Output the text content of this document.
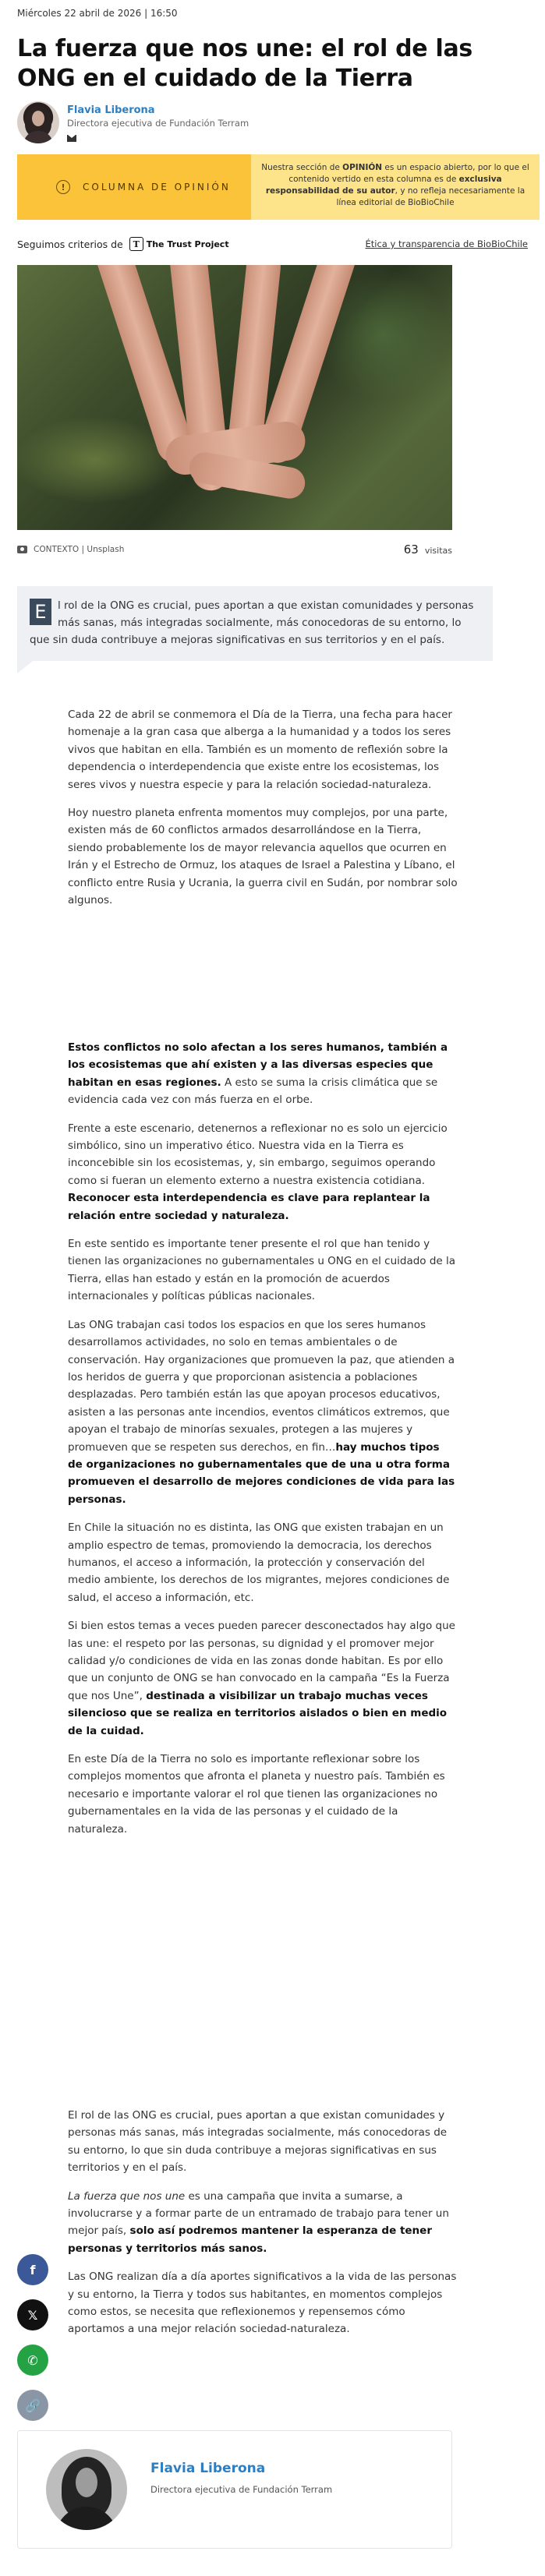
Miércoles 22 abril de 2026 | 16:50
La fuerza que nos une: el rol de las ONG en el cuidado de la Tierra
Flavia Liberona
Directora ejecutiva de Fundación Terram
!	COLUMNA DE OPINIÓN
Nuestra sección de OPINIÓN es un espacio abierto, por lo que el contenido vertido en esta columna es de exclusiva responsabilidad de su autor, y no refleja necesariamente la línea editorial de BioBioChile
Seguimos criterios de	T The Trust Project	Ética y transparencia de BioBioChile
CONTEXTO | Unsplash	63 visitas
E	l rol de la ONG es crucial, pues aportan a que existan comunidades y personas más sanas, más integradas socialmente, más conocedoras de su entorno, lo que sin duda contribuye a mejoras significativas en sus territorios y en el país.

Cada 22 de abril se conmemora el Día de la Tierra, una fecha para hacer homenaje a la gran casa que alberga a la humanidad y a todos los seres vivos que habitan en ella. También es un momento de reflexión sobre la dependencia o interdependencia que existe entre los ecosistemas, los seres vivos y nuestra especie y para la relación sociedad-naturaleza.

Hoy nuestro planeta enfrenta momentos muy complejos, por una parte, existen más de 60 conflictos armados desarrollándose en la Tierra, siendo probablemente los de mayor relevancia aquellos que ocurren en Irán y el Estrecho de Ormuz, los ataques de Israel a Palestina y Líbano, el conflicto entre Rusia y Ucrania, la guerra civil en Sudán, por nombrar solo algunos.

Estos conflictos no solo afectan a los seres humanos, también a los ecosistemas que ahí existen y a las diversas especies que habitan en esas regiones. A esto se suma la crisis climática que se evidencia cada vez con más fuerza en el orbe.

Frente a este escenario, detenernos a reflexionar no es solo un ejercicio simbólico, sino un imperativo ético. Nuestra vida en la Tierra es inconcebible sin los ecosistemas, y, sin embargo, seguimos operando como si fueran un elemento externo a nuestra existencia cotidiana. Reconocer esta interdependencia es clave para replantear la relación entre sociedad y naturaleza.

En este sentido es importante tener presente el rol que han tenido y tienen las organizaciones no gubernamentales u ONG en el cuidado de la Tierra, ellas han estado y están en la promoción de acuerdos internacionales y políticas públicas nacionales.

Las ONG trabajan casi todos los espacios en que los seres humanos desarrollamos actividades, no solo en temas ambientales o de conservación. Hay organizaciones que promueven la paz, que atienden a los heridos de guerra y que proporcionan asistencia a poblaciones desplazadas. Pero también están las que apoyan procesos educativos, asisten a las personas ante incendios, eventos climáticos extremos, que apoyan el trabajo de minorías sexuales, protegen a las mujeres y promueven que se respeten sus derechos, en fin…hay muchos tipos de organizaciones no gubernamentales que de una u otra forma promueven el desarrollo de mejores condiciones de vida para las personas.

En Chile la situación no es distinta, las ONG que existen trabajan en un amplio espectro de temas, promoviendo la democracia, los derechos humanos, el acceso a información, la protección y conservación del medio ambiente, los derechos de los migrantes, mejores condiciones de salud, el acceso a información, etc.

Si bien estos temas a veces pueden parecer desconectados hay algo que las une: el respeto por las personas, su dignidad y el promover mejor calidad y/o condiciones de vida en las zonas donde habitan. Es por ello que un conjunto de ONG se han convocado en la campaña “Es la Fuerza que nos Une”, destinada a visibilizar un trabajo muchas veces silencioso que se realiza en territorios aislados o bien en medio de la cuidad.

En este Día de la Tierra no solo es importante reflexionar sobre los complejos momentos que afronta el planeta y nuestro país. También es necesario e importante valorar el rol que tienen las organizaciones no gubernamentales en la vida de las personas y el cuidado de la naturaleza.

El rol de las ONG es crucial, pues aportan a que existan comunidades y personas más sanas, más integradas socialmente, más conocedoras de su entorno, lo que sin duda contribuye a mejoras significativas en sus territorios y en el país.

La fuerza que nos une es una campaña que invita a sumarse, a involucrarse y a formar parte de un entramado de trabajo para tener un mejor país, solo así podremos mantener la esperanza de tener personas y territorios más sanos.

Las ONG realizan día a día aportes significativos a la vida de las personas y su entorno, la Tierra y todos sus habitantes, en momentos complejos como estos, se necesita que reflexionemos y repensemos cómo aportamos a una mejor relación sociedad-naturaleza.

f
𝕏
✆
🔗
Flavia Liberona
Directora ejecutiva de Fundación Terram
